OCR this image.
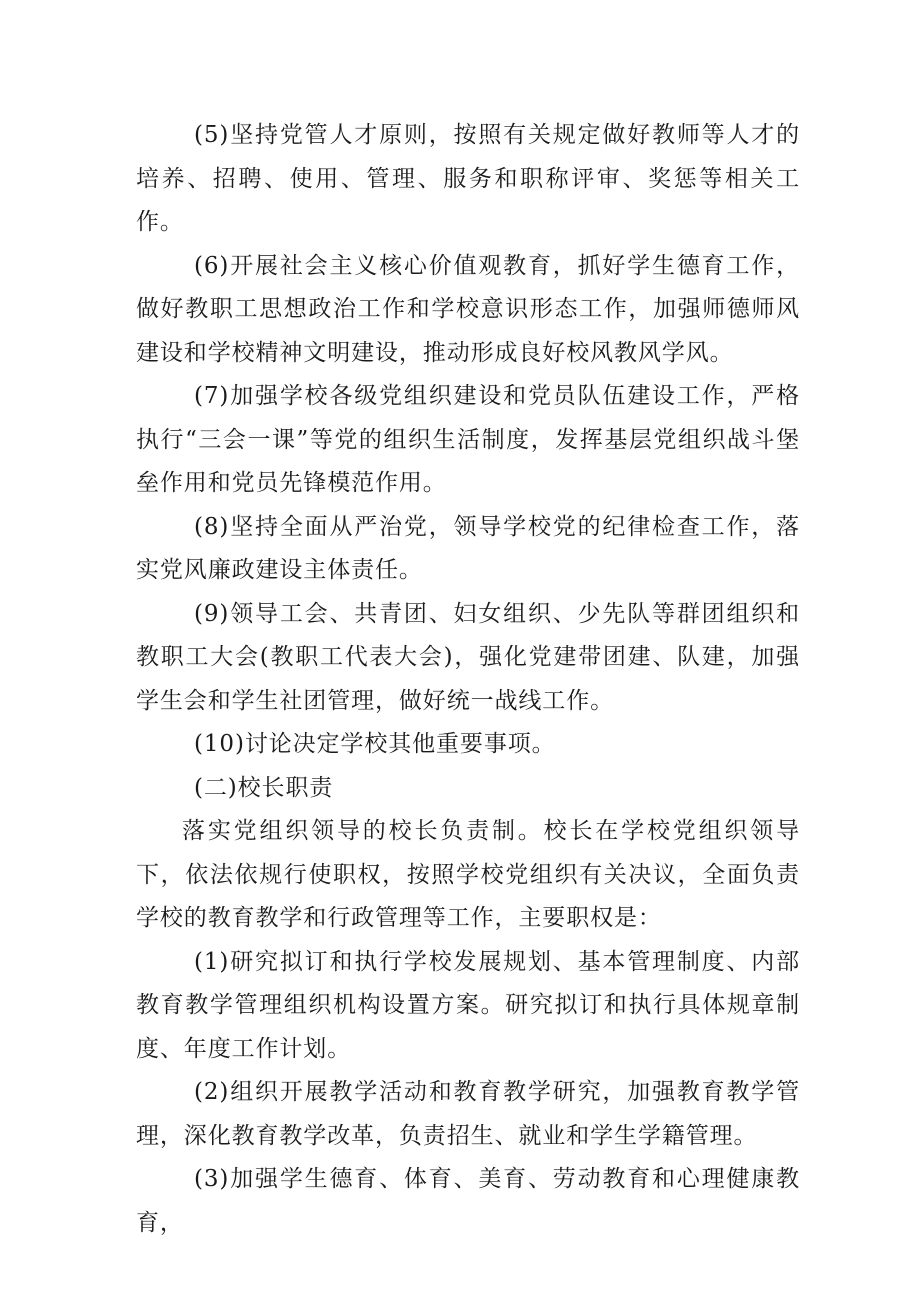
(5)坚持党管人才原则，按照有关规定做好教师等人才的培养、招聘、使用、管理、服务和职称评审、奖惩等相关工作。

(6)开展社会主义核心价值观教育，抓好学生德育工作，做好教职工思想政治工作和学校意识形态工作，加强师德师风建设和学校精神文明建设，推动形成良好校风教风学风。

(7)加强学校各级党组织建设和党员队伍建设工作，严格执行“三会一课”等党的组织生活制度，发挥基层党组织战斗堡垒作用和党员先锋模范作用。

(8)坚持全面从严治党，领导学校党的纪律检查工作，落实党风廉政建设主体责任。

(9)领导工会、共青团、妇女组织、少先队等群团组织和教职工大会(教职工代表大会)，强化党建带团建、队建，加强学生会和学生社团管理，做好统一战线工作。

(10)讨论决定学校其他重要事项。

(二)校长职责

落实党组织领导的校长负责制。校长在学校党组织领导下，依法依规行使职权，按照学校党组织有关决议，全面负责学校的教育教学和行政管理等工作，主要职权是：

(1)研究拟订和执行学校发展规划、基本管理制度、内部教育教学管理组织机构设置方案。研究拟订和执行具体规章制度、年度工作计划。

(2)组织开展教学活动和教育教学研究，加强教育教学管理，深化教育教学改革，负责招生、就业和学生学籍管理。

(3)加强学生德育、体育、美育、劳动教育和心理健康教育，
